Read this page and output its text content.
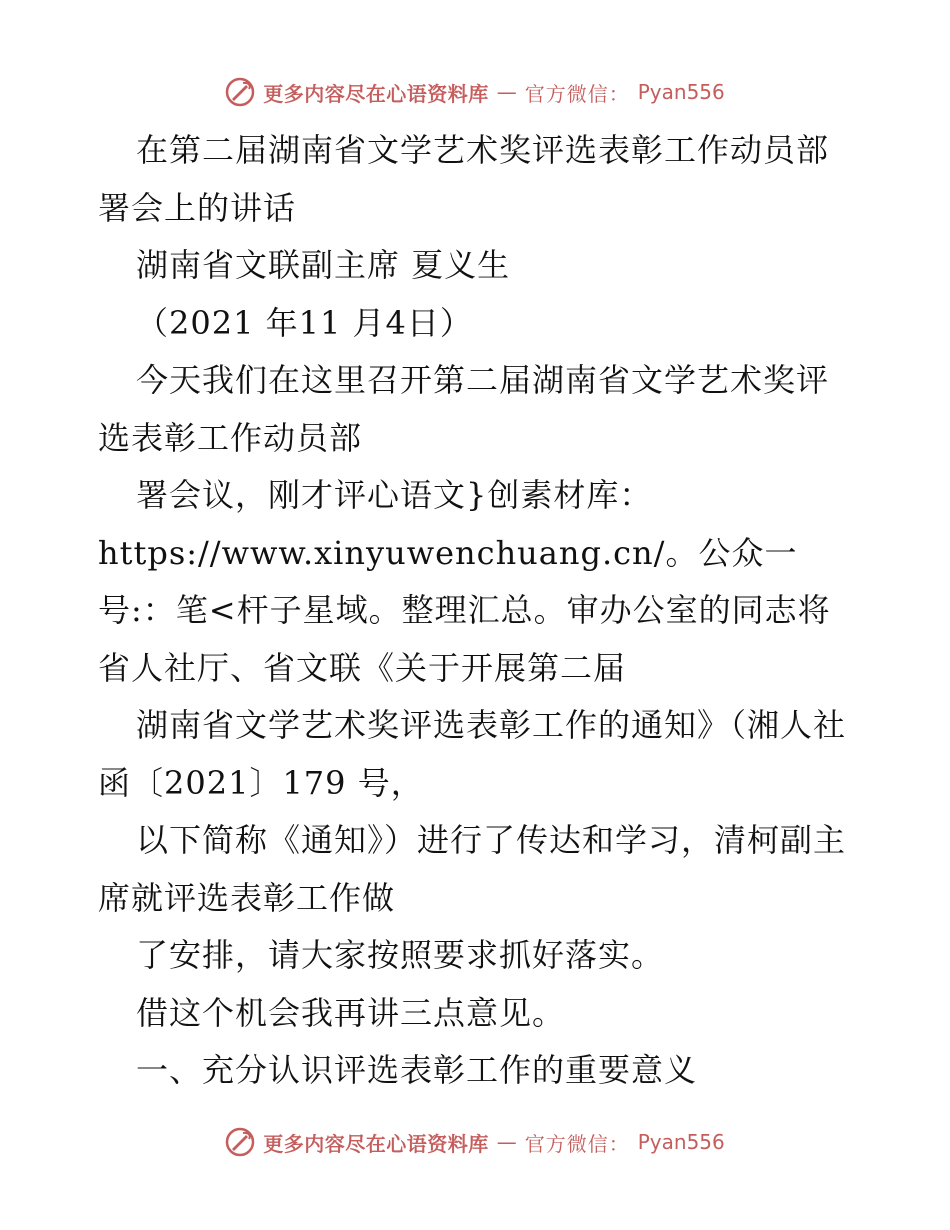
更多内容尽在心语资料库 — 官方微信： Pyan556

在第二届湖南省文学艺术奖评选表彰工作动员部署会上的讲话

湖南省文联副主席 夏义生

（2021 年11 月4日）

今天我们在这里召开第二届湖南省文学艺术奖评选表彰工作动员部

署会议，刚才评心语文}创素材库：https://www.xinyuwenchuang.cn/。公众一号:：笔<杆子星域。整理汇总。审办公室的同志将省人社厅、省文联《关于开展第二届

湖南省文学艺术奖评选表彰工作的通知》（湘人社函〔2021〕179 号，

以下简称《通知》）进行了传达和学习，清柯副主席就评选表彰工作做

了安排，请大家按照要求抓好落实。

借这个机会我再讲三点意见。

一、充分认识评选表彰工作的重要意义

更多内容尽在心语资料库 — 官方微信： Pyan556
